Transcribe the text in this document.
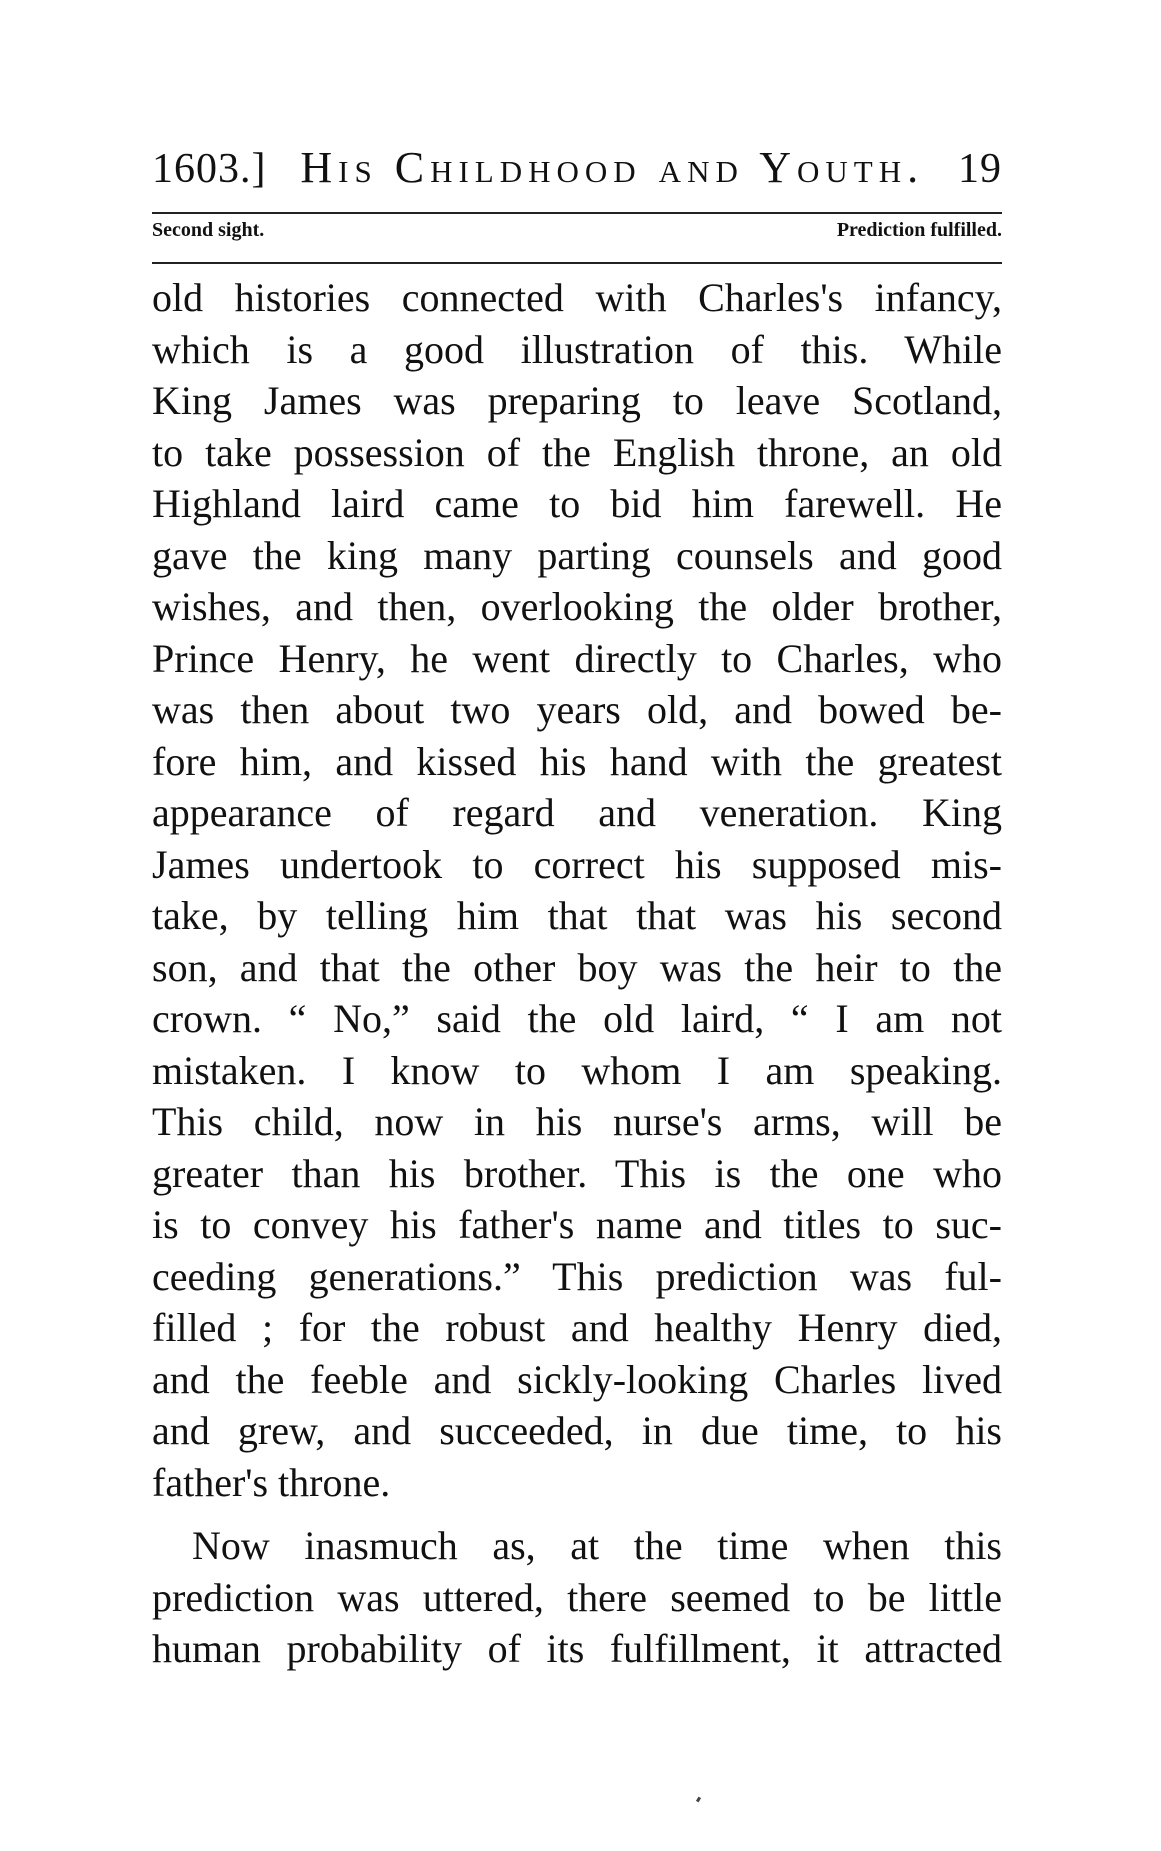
1603.] His Childhood and Youth. 19
Second sight.	Prediction fulfilled.
old histories connected with Charles's infancy,
which is a good illustration of this. While
King James was preparing to leave Scotland,
to take possession of the English throne, an old
Highland laird came to bid him farewell. He
gave the king many parting counsels and good
wishes, and then, overlooking the older brother,
Prince Henry, he went directly to Charles, who
was then about two years old, and bowed be-
fore him, and kissed his hand with the greatest
appearance of regard and veneration. King
James undertook to correct his supposed mis-
take, by telling him that that was his second
son, and that the other boy was the heir to the
crown. “ No,” said the old laird, “ I am not
mistaken. I know to whom I am speaking.
This child, now in his nurse's arms, will be
greater than his brother. This is the one who
is to convey his father's name and titles to suc-
ceeding generations.” This prediction was ful-
filled ; for the robust and healthy Henry died,
and the feeble and sickly-looking Charles lived
and grew, and succeeded, in due time, to his
father's throne.
Now inasmuch as, at the time when this
prediction was uttered, there seemed to be little
human probability of its fulfillment, it attracted
